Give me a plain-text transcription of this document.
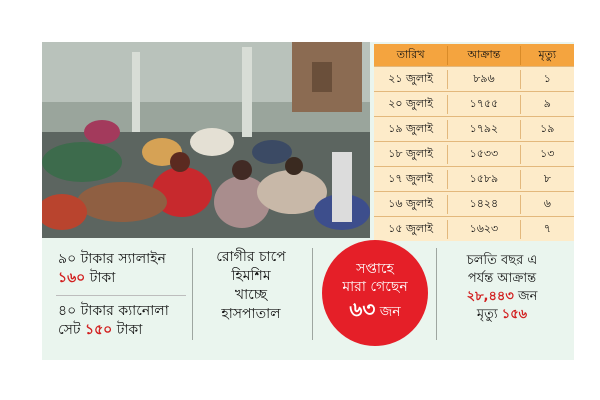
তারিখ	আক্রান্ত	মৃত্যু
২১ জুলাই	৮৯৬	১
২০ জুলাই	১৭৫৫	৯
১৯ জুলাই	১৭৯২	১৯
১৮ জুলাই	১৫৩৩	১৩
১৭ জুলাই	১৫৮৯	৮
১৬ জুলাই	১৪২৪	৬
১৫ জুলাই	১৬২৩	৭
৯০ টাকার স্যালাইন
১৬০ টাকা
৪০ টাকার ক্যানোলা
সেট ১৫০ টাকা
রোগীর চাপে
হিমশিম
খাচ্ছে
হাসপাতাল
সপ্তাহে
মারা গেছেন
৬৩ জন
চলতি বছর এ
পর্যন্ত আক্রান্ত
২৮,৪৪৩ জন
মৃত্যু ১৫৬
